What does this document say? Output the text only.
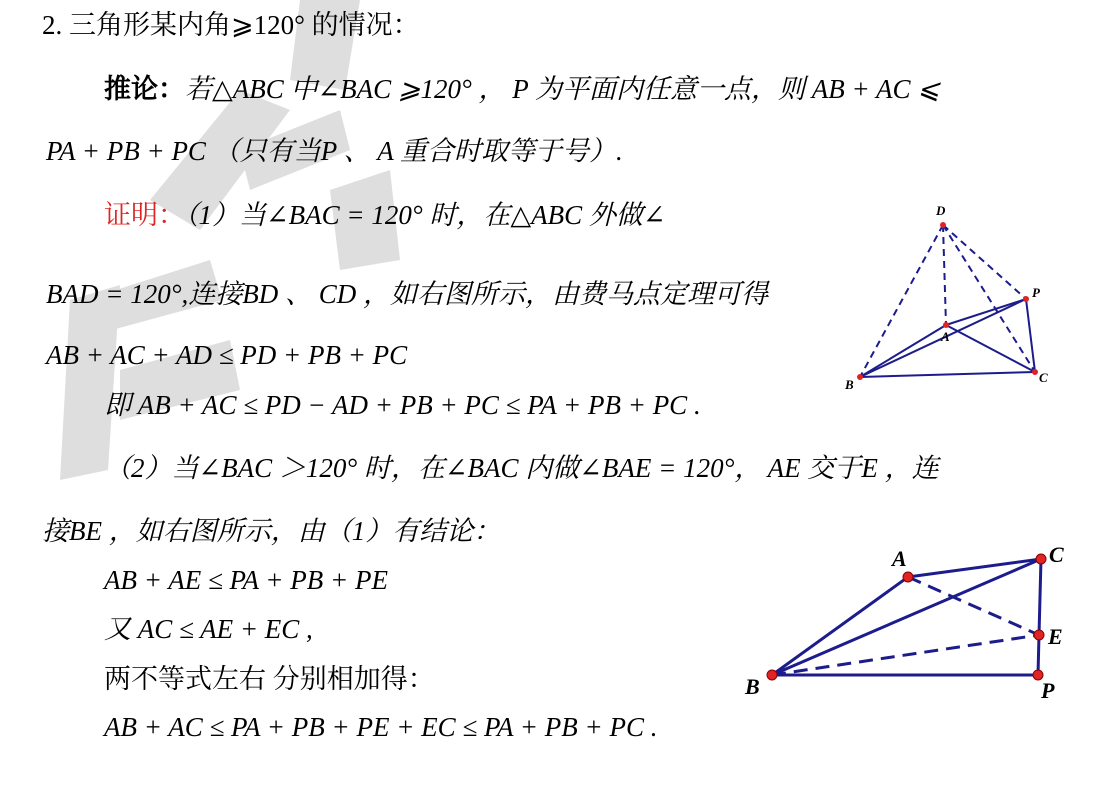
2. 三角形某内角⩾120° 的情况：
推论：若△ABC 中∠BAC ⩾120° ， P 为平面内任意一点，则 AB + AC ⩽
PA + PB + PC （只有当P 、 A 重合时取等于号）.
证明：（1）当∠BAC = 120° 时，在△ABC 外做∠
BAD = 120°,连接BD 、 CD ，如右图所示，由费马点定理可得
AB + AC + AD ≤ PD + PB + PC
即 AB + AC ≤ PD − AD + PB + PC ≤ PA + PB + PC .
（2）当∠BAC ＞120° 时，在∠BAC 内做∠BAE = 120°， AE 交于E ，连
接BE ，如右图所示，由（1）有结论：
AB + AE ≤ PA + PB + PE
又 AC ≤ AE + EC ,
两不等式左右 分别相加得：
AB + AC ≤ PA + PB + PE + EC ≤ PA + PB + PC .
D
A
P
B	C
A	C
E
B	P
